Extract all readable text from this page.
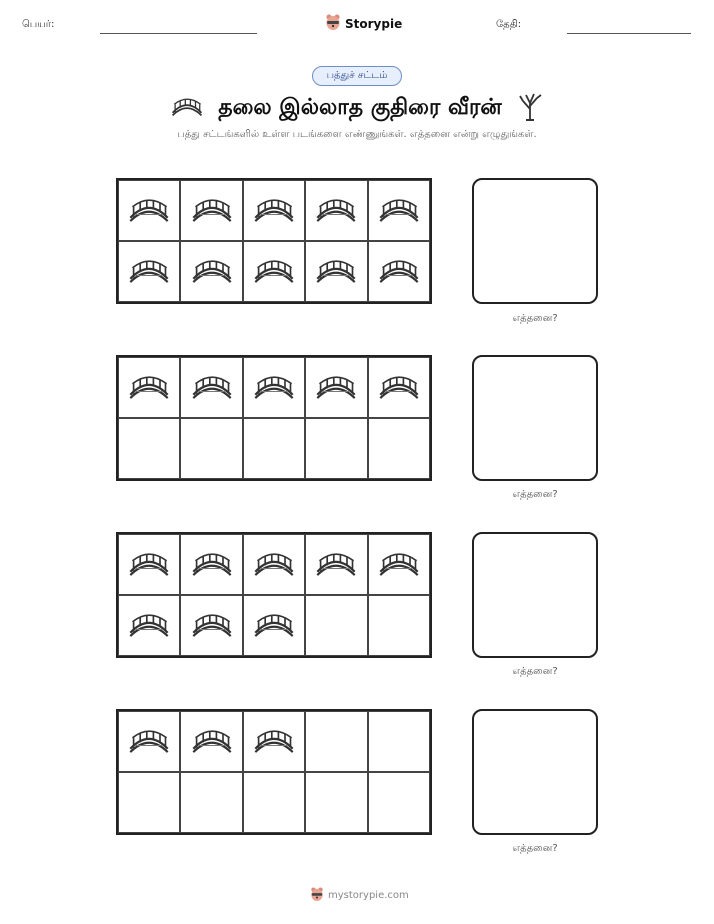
பெயர்:	Storypie	தேதி:
பத்துச் சட்டம்
தலை இல்லாத குதிரை வீரன்
பத்து சட்டங்களில் உள்ள படங்களை எண்ணுங்கள். எத்தனை என்று எழுதுங்கள்.
எத்தனை?
எத்தனை?
எத்தனை?
எத்தனை?
mystorypie.com
